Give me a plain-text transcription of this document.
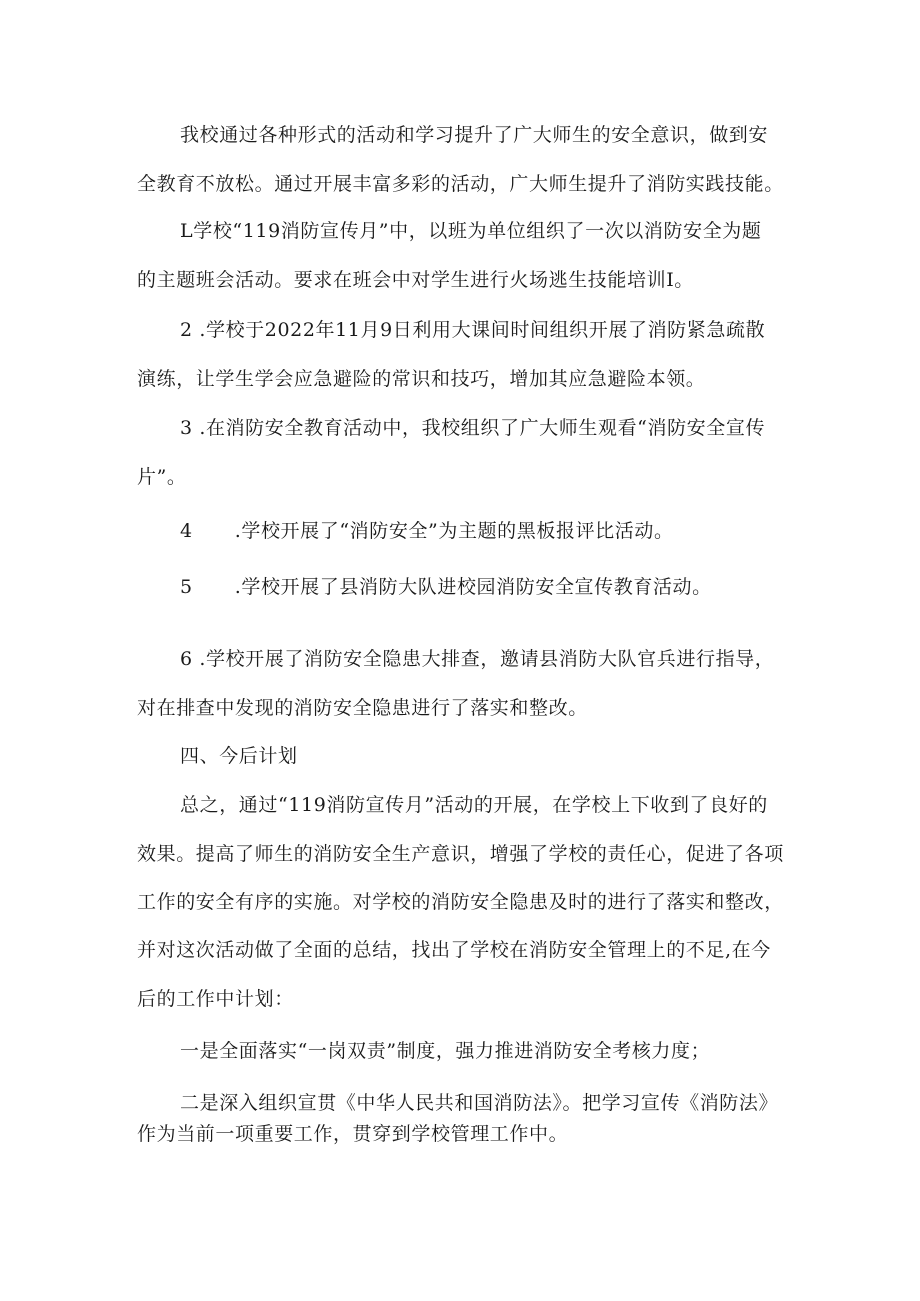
我校通过各种形式的活动和学习提升了广大师生的安全意识，做到安
全教育不放松。通过开展丰富多彩的活动，广大师生提升了消防实践技能。
L学校“119消防宣传月”中，以班为单位组织了一次以消防安全为题
的主题班会活动。要求在班会中对学生进行火场逃生技能培训I。
2 .学校于2022年11月9日利用大课间时间组织开展了消防紧急疏散
演练，让学生学会应急避险的常识和技巧，增加其应急避险本领。
3 .在消防安全教育活动中，我校组织了广大师生观看“消防安全宣传
片”。
4 .学校开展了“消防安全”为主题的黑板报评比活动。
5 .学校开展了县消防大队进校园消防安全宣传教育活动。
6 .学校开展了消防安全隐患大排查，邀请县消防大队官兵进行指导，
对在排查中发现的消防安全隐患进行了落实和整改。
四、今后计划
总之，通过“119消防宣传月”活动的开展，在学校上下收到了良好的
效果。提高了师生的消防安全生产意识，增强了学校的责任心，促进了各项
工作的安全有序的实施。对学校的消防安全隐患及时的进行了落实和整改，
并对这次活动做了全面的总结，找出了学校在消防安全管理上的不足,在今
后的工作中计划：
一是全面落实“一岗双责”制度，强力推进消防安全考核力度；
二是深入组织宣贯《中华人民共和国消防法》。把学习宣传《消防法》
作为当前一项重要工作，贯穿到学校管理工作中。
